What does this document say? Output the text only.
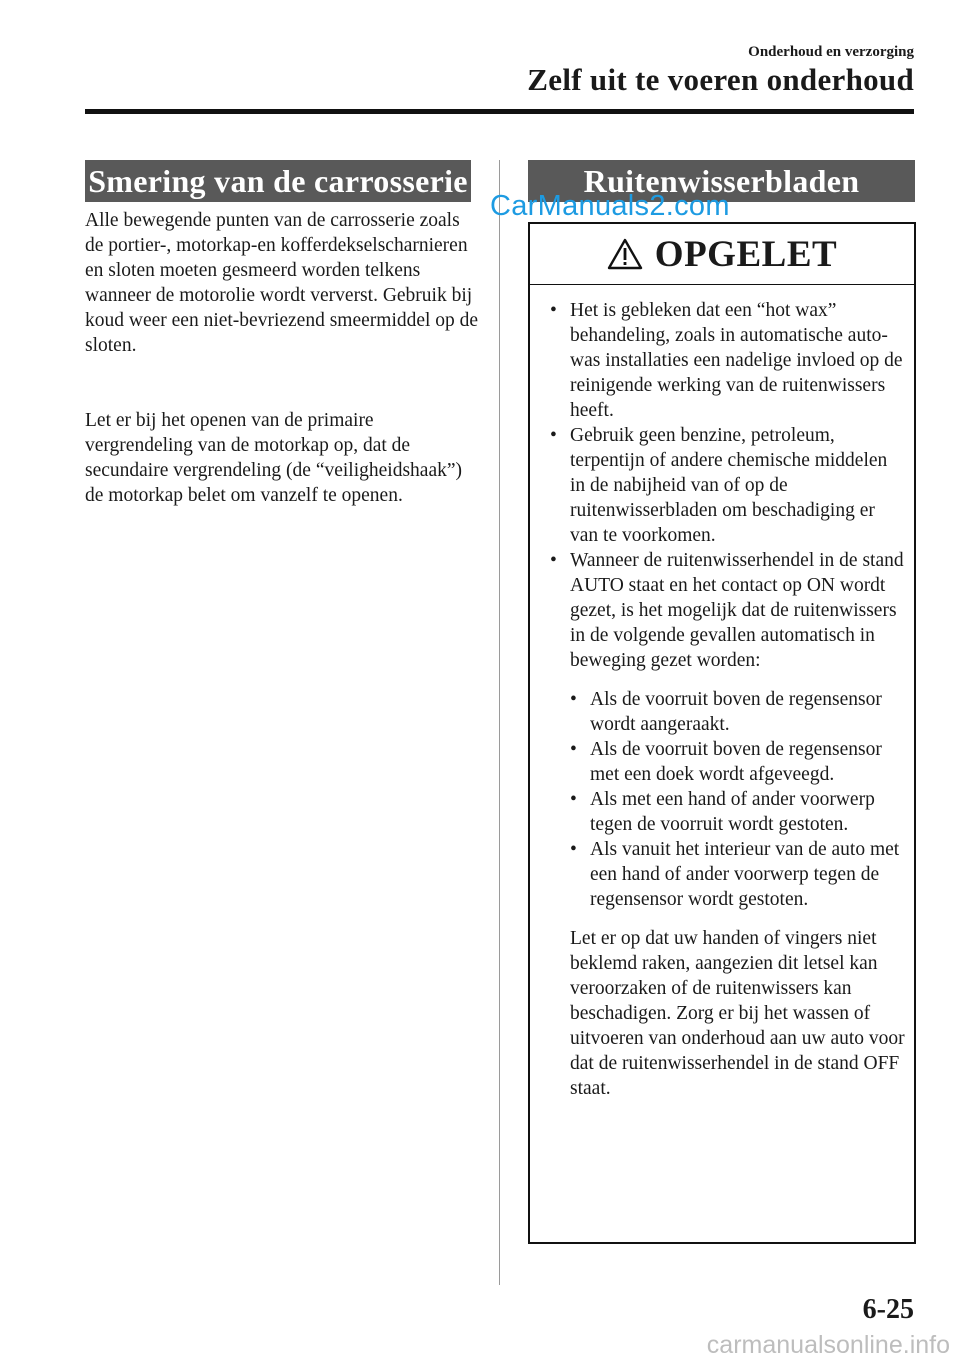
Onderhoud en verzorging
Zelf uit te voeren onderhoud
Smering van de carrosserie	Ruitenwisserbladen
CarManuals2.com

Alle bewegende punten van de carrosserie zoals de portier-, motorkap-en kofferdekselscharnieren en sloten moeten gesmeerd worden telkens wanneer de motorolie wordt ververst. Gebruik bij koud weer een niet-bevriezend smeermiddel op de sloten.

Let er bij het openen van de primaire vergrendeling van de motorkap op, dat de secundaire vergrendeling (de “veiligheidshaak”) de motorkap belet om vanzelf te openen.

OPGELET
• Het is gebleken dat een “hot wax” behandeling, zoals in automatische auto-was installaties een nadelige invloed op de reinigende werking van de ruitenwissers heeft.
• Gebruik geen benzine, petroleum, terpentijn of andere chemische middelen in de nabijheid van of op de ruitenwisserbladen om beschadiging er van te voorkomen.
• Wanneer de ruitenwisserhendel in de stand AUTO staat en het contact op ON wordt gezet, is het mogelijk dat de ruitenwissers in de volgende gevallen automatisch in beweging gezet worden:
• Als de voorruit boven de regensensor wordt aangeraakt.
• Als de voorruit boven de regensensor met een doek wordt afgeveegd.
• Als met een hand of ander voorwerp tegen de voorruit wordt gestoten.
• Als vanuit het interieur van de auto met een hand of ander voorwerp tegen de regensensor wordt gestoten.
Let er op dat uw handen of vingers niet beklemd raken, aangezien dit letsel kan veroorzaken of de ruitenwissers kan beschadigen. Zorg er bij het wassen of uitvoeren van onderhoud aan uw auto voor dat de ruitenwisserhendel in de stand OFF staat.
6-25
carmanualsonline.info
